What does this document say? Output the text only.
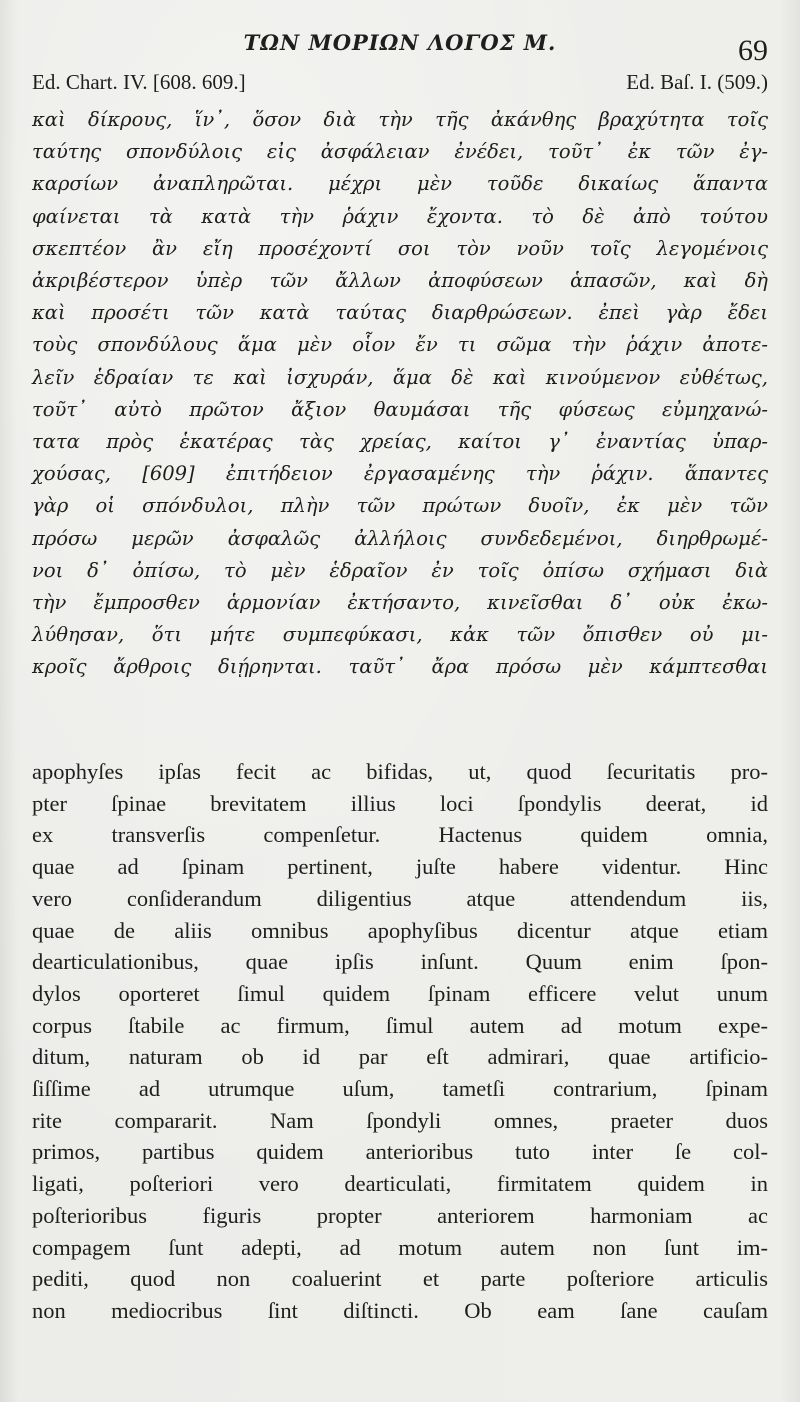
ΤΩΝ ΜΟΡΙΩΝ ΛΟΓΟΣ Μ.	69
Ed. Chart. IV. [608. 609.]	Ed. Baſ. I. (509.)
καὶ δίκρους, ἵν᾽, ὅσον διὰ τὴν τῆς ἀκάνθης βραχύτητα τοῖς
ταύτης σπονδύλοις εἰς ἀσφάλειαν ἐνέδει, τοῦτ᾽ ἐκ τῶν ἐγ-
καρσίων ἀναπληρῶται. μέχρι μὲν τοῦδε δικαίως ἅπαντα
φαίνεται τὰ κατὰ τὴν ῥάχιν ἔχοντα. τὸ δὲ ἀπὸ τούτου
σκεπτέον ἂν εἴη προσέχοντί σοι τὸν νοῦν τοῖς λεγομένοις
ἀκριβέστερον ὑπὲρ τῶν ἄλλων ἀποφύσεων ἁπασῶν, καὶ δὴ
καὶ προσέτι τῶν κατὰ ταύτας διαρθρώσεων. ἐπεὶ γὰρ ἔδει
τοὺς σπονδύλους ἅμα μὲν οἷον ἔν τι σῶμα τὴν ῥάχιν ἀποτε-
λεῖν ἑδραίαν τε καὶ ἰσχυράν, ἅμα δὲ καὶ κινούμενον εὐθέτως,
τοῦτ᾽ αὐτὸ πρῶτον ἄξιον θαυμάσαι τῆς φύσεως εὐμηχανώ-
τατα πρὸς ἑκατέρας τὰς χρείας, καίτοι γ᾽ ἐναντίας ὑπαρ-
χούσας, [609] ἐπιτήδειον ἐργασαμένης τὴν ῥάχιν. ἅπαντες
γὰρ οἱ σπόνδυλοι, πλὴν τῶν πρώτων δυοῖν, ἐκ μὲν τῶν
πρόσω μερῶν ἀσφαλῶς ἀλλήλοις συνδεδεμένοι, διηρθρωμέ-
νοι δ᾽ ὀπίσω, τὸ μὲν ἑδραῖον ἐν τοῖς ὀπίσω σχήμασι διὰ
τὴν ἔμπροσθεν ἁρμονίαν ἐκτήσαντο, κινεῖσθαι δ᾽ οὐκ ἐκω-
λύθησαν, ὅτι μήτε συμπεφύκασι, κἀκ τῶν ὄπισθεν οὐ μι-
κροῖς ἄρθροις διῄρηνται. ταῦτ᾽ ἄρα πρόσω μὲν κάμπτεσθαι
apophyſes ipſas fecit ac bifidas, ut, quod ſecuritatis pro-
pter ſpinae brevitatem illius loci ſpondylis deerat, id
ex transverſis compenſetur. Hactenus quidem omnia,
quae ad ſpinam pertinent, juſte habere videntur. Hinc
vero conſiderandum diligentius atque attendendum iis,
quae de aliis omnibus apophyſibus dicentur atque etiam
dearticulationibus, quae ipſis inſunt. Quum enim ſpon-
dylos oporteret ſimul quidem ſpinam efficere velut unum
corpus ſtabile ac firmum, ſimul autem ad motum expe-
ditum, naturam ob id par eſt admirari, quae artificio-
ſiſſime ad utrumque uſum, tametſi contrarium, ſpinam
rite compararit. Nam ſpondyli omnes, praeter duos
primos, partibus quidem anterioribus tuto inter ſe col-
ligati, poſteriori vero dearticulati, firmitatem quidem in
poſterioribus figuris propter anteriorem harmoniam ac
compagem ſunt adepti, ad motum autem non ſunt im-
pediti, quod non coaluerint et parte poſteriore articulis
non mediocribus ſint diſtincti. Ob eam ſane cauſam
